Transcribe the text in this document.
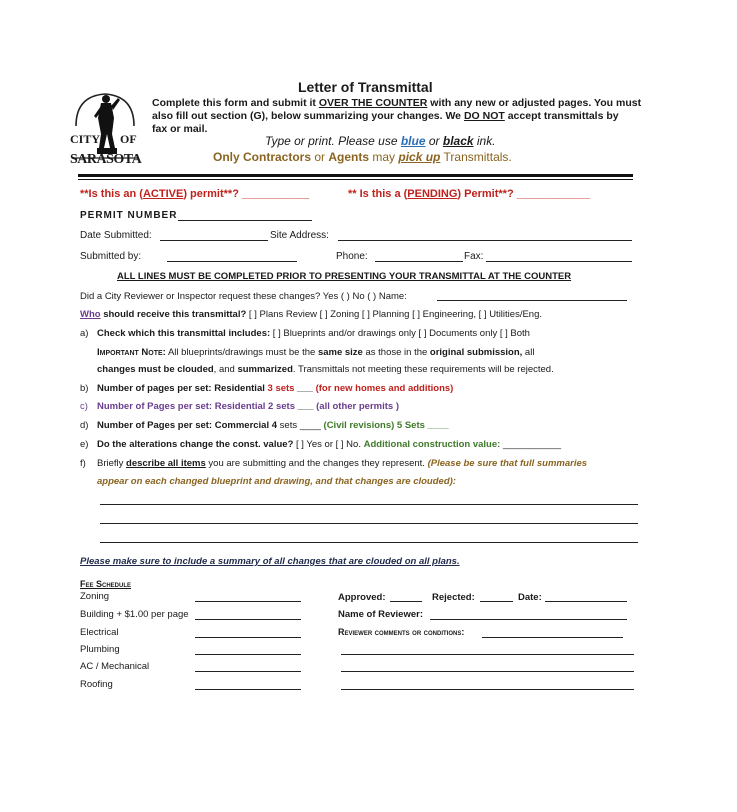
CITY OF
SARASOTA
Letter of Transmittal
Complete this form and submit it OVER THE COUNTER with any new or adjusted pages. You must
also fill out section (G), below summarizing your changes. We DO NOT accept transmittals by
fax or mail.
Type or print. Please use blue or black ink.
Only Contractors or Agents may pick up Transmittals.
**Is this an (ACTIVE) permit**? ___________	** Is this a (PENDING) Permit**? ____________
PERMIT NUMBER
Date Submitted:	Site Address:
Submitted by:	Phone:	Fax:
ALL LINES MUST BE COMPLETED PRIOR TO PRESENTING YOUR TRANSMITTAL AT THE COUNTER
Did a City Reviewer or Inspector request these changes? Yes ( ) No ( ) Name:
Who should receive this transmittal? [ ] Plans Review [ ] Zoning [ ] Planning [ ] Engineering, [ ] Utilities/Eng.
a) Check which this transmittal includes: [ ] Blueprints and/or drawings only [ ] Documents only [ ] Both
Important Note: All blueprints/drawings must be the same size as those in the original submission, all
changes must be clouded, and summarized. Transmittals not meeting these requirements will be rejected.
b) Number of pages per set: Residential 3 sets ___ (for new homes and additions)
c) Number of Pages per set: Residential 2 sets ___ (all other permits )
d) Number of Pages per set: Commercial 4 sets ____ (Civil revisions) 5 Sets ____
e) Do the alterations change the const. value? [ ] Yes or [ ] No. Additional construction value: ___________
f) Briefly describe all items you are submitting and the changes they represent. (Please be sure that full summaries
appear on each changed blueprint and drawing, and that changes are clouded):
Please make sure to include a summary of all changes that are clouded on all plans.
Fee Schedule
Zoning
Building + $1.00 per page
Electrical
Plumbing
AC / Mechanical
Roofing
Approved:	Rejected:	Date:
Name of Reviewer:
Reviewer comments or conditions:
